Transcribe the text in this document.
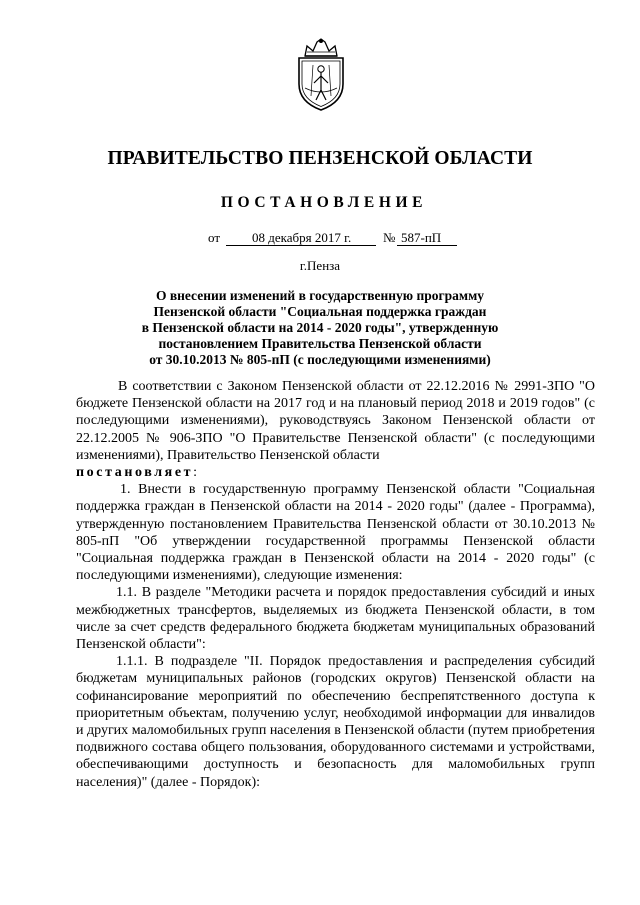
ПРАВИТЕЛЬСТВО ПЕНЗЕНСКОЙ ОБЛАСТИ
ПОСТАНОВЛЕНИЕ
от 08 декабря 2017 г. № 587-пП
г.Пенза
О внесении изменений в государственную программу
Пензенской области "Социальная поддержка граждан
в Пензенской области на 2014 - 2020 годы", утвержденную
постановлением Правительства Пензенской области
от 30.10.2013 № 805-пП (с последующими изменениями)

В соответствии с Законом Пензенской области от 22.12.2016 № 2991-ЗПО "О бюджете Пензенской области на 2017 год и на плановый период 2018 и 2019 годов" (с последующими изменениями), руководствуясь Законом Пензенской области от 22.12.2005 № 906-ЗПО "О Правительстве Пензенской области" (с последующими изменениями), Правительство Пензенской области
постановляет:

1. Внести в государственную программу Пензенской области "Социальная поддержка граждан в Пензенской области на 2014 - 2020 годы" (далее - Программа), утвержденную постановлением Правительства Пензенской области от 30.10.2013 № 805-пП "Об утверждении государственной программы Пензенской области "Социальная поддержка граждан в Пензенской области на 2014 - 2020 годы" (с последующими изменениями), следующие изменения:

1.1. В разделе "Методики расчета и порядок предоставления субсидий и иных межбюджетных трансфертов, выделяемых из бюджета Пензенской области, в том числе за счет средств федерального бюджета бюджетам муниципальных образований Пензенской области":

1.1.1. В подразделе "II. Порядок предоставления и распределения субсидий бюджетам муниципальных районов (городских округов) Пензенской области на софинансирование мероприятий по обеспечению беспрепятственного доступа к приоритетным объектам, получению услуг, необходимой информации для инвалидов и других маломобильных групп населения в Пензенской области (путем приобретения подвижного состава общего пользования, оборудованного системами и устройствами, обеспечивающими доступность и безопасность для маломобильных групп населения)" (далее - Порядок):
